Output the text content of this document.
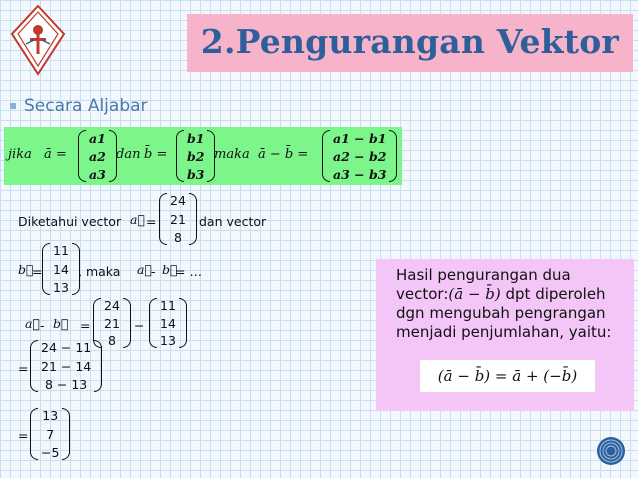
2.Pengurangan Vektor
Secara Aljabar
jika ā =
a1
a2
a3
dan b̄ =
b1
b2
b3
maka ā − b̄ =
a1 − b1
a2 − b2
a3 − b3
Diketahui vector a⃗ =
24
21
8
dan vector
b⃗
=
11
14
13
, maka a⃗ - b⃗
= …
a⃗ - b⃗ =
24
21
8
−
11
14
13
=
24 − 11
21 − 14
8 − 13
=
13
7
−5
Hasil pengurangan dua
vector:(ā − b̄) dpt diperoleh
dgn mengubah pengrangan
menjadi penjumlahan, yaitu:
(ā − b̄) = ā + (−b̄)
